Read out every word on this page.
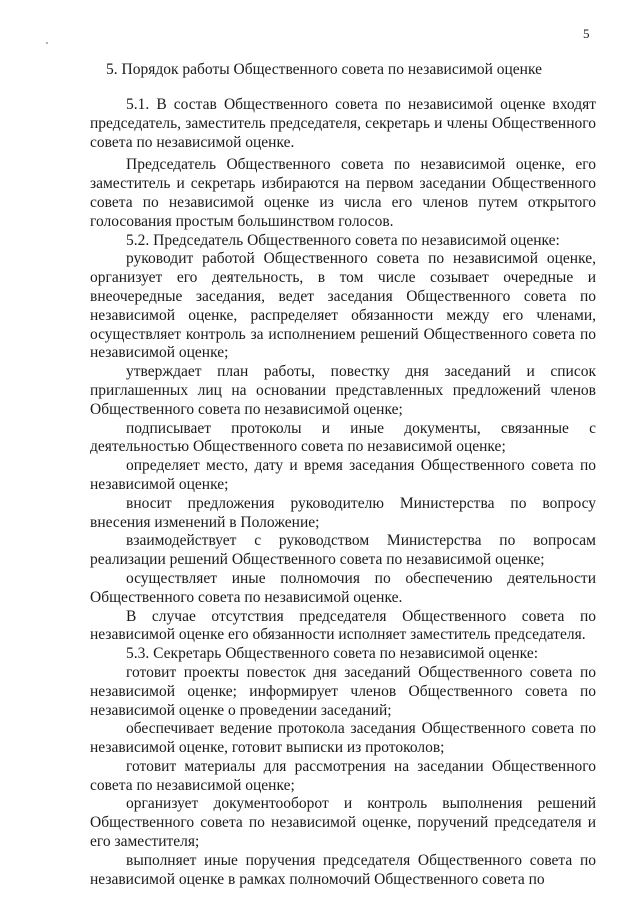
5
5. Порядок работы Общественного совета по независимой оценке

5.1. В состав Общественного совета по независимой оценке входят председатель, заместитель председателя, секретарь и члены Общественного совета по независимой оценке.

Председатель Общественного совета по независимой оценке, его заместитель и секретарь избираются на первом заседании Общественного совета по независимой оценке из числа его членов путем открытого голосования простым большинством голосов.

5.2. Председатель Общественного совета по независимой оценке:

руководит работой Общественного совета по независимой оценке, организует его деятельность, в том числе созывает очередные и внеочередные заседания, ведет заседания Общественного совета по независимой оценке, распределяет обязанности между его членами, осуществляет контроль за исполнением решений Общественного совета по независимой оценке;

утверждает план работы, повестку дня заседаний и список приглашенных лиц на основании представленных предложений членов Общественного совета по независимой оценке;

подписывает протоколы и иные документы, связанные с деятельностью Общественного совета по независимой оценке;

определяет место, дату и время заседания Общественного совета по независимой оценке;

вносит предложения руководителю Министерства по вопросу внесения изменений в Положение;

взаимодействует с руководством Министерства по вопросам реализации решений Общественного совета по независимой оценке;

осуществляет иные полномочия по обеспечению деятельности Общественного совета по независимой оценке.

В случае отсутствия председателя Общественного совета по независимой оценке его обязанности исполняет заместитель председателя.

5.3. Секретарь Общественного совета по независимой оценке:

готовит проекты повесток дня заседаний Общественного совета по независимой оценке; информирует членов Общественного совета по независимой оценке о проведении заседаний;

обеспечивает ведение протокола заседания Общественного совета по независимой оценке, готовит выписки из протоколов;

готовит материалы для рассмотрения на заседании Общественного совета по независимой оценке;

организует документооборот и контроль выполнения решений Общественного совета по независимой оценке, поручений председателя и его заместителя;

выполняет иные поручения председателя Общественного совета по независимой оценке в рамках полномочий Общественного совета по
